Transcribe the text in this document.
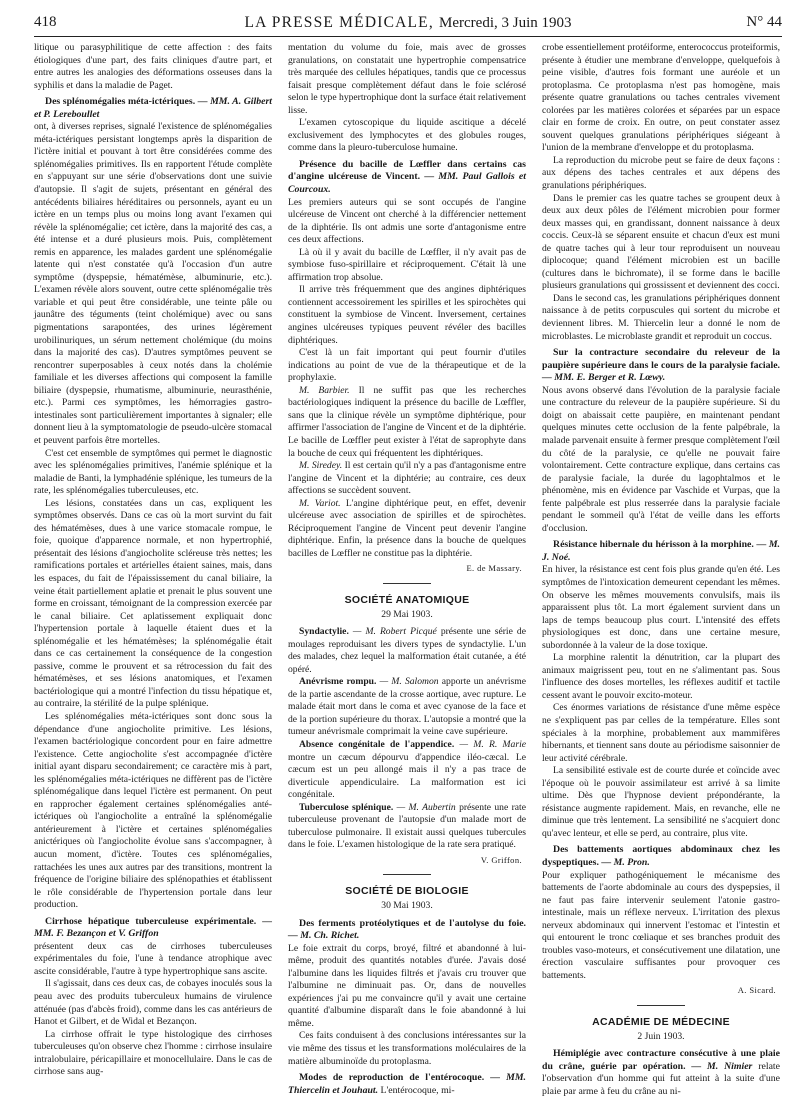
418	LA PRESSE MÉDICALE, Mercredi, 3 Juin 1903	N° 44

litique ou parasyphilitique de cette affection : des faits étiologiques d'une part, des faits cliniques d'autre part, et entre autres les analogies des déformations osseuses dans la syphilis et dans la maladie de Paget.

Des splénomégalies méta-ictériques. — MM. A. Gilbert et P. Lereboullet

ont, à diverses reprises, signalé l'existence de splénomégalies méta-ictériques persistant longtemps après la disparition de l'ictère initial et pouvant à tort être considérées comme des splénomégalies primitives. Ils en rapportent l'étude complète en s'appuyant sur une série d'observations dont une suivie d'autopsie. Il s'agit de sujets, présentant en général des antécédents biliaires héréditaires ou personnels, ayant eu un ictère en un temps plus ou moins long avant l'examen qui révèle la splénomégalie; cet ictère, dans la majorité des cas, a été intense et a duré plusieurs mois. Puis, complètement remis en apparence, les malades gardent une splénomégalie latente qui n'est constatée qu'à l'occasion d'un autre symptôme (dyspepsie, hématémèse, albuminurie, etc.). L'examen révèle alors souvent, outre cette splénomégalie très variable et qui peut être considérable, une teinte pâle ou jaunâtre des téguments (teint cholémique) avec ou sans pigmentations sarapontées, des urines légèrement urobilinuriques, un sérum nettement cholémique (du moins dans la majorité des cas). D'autres symptômes peuvent se rencontrer superposables à ceux notés dans la cholémie familiale et les diverses affections qui composent la famille biliaire (dyspepsie, rhumatisme, albuminurie, neurasthénie, etc.). Parmi ces symptômes, les hémorragies gastro-intestinales sont particulièrement importantes à signaler; elle donnent lieu à la symptomatologie de pseudo-ulcère stomacal et peuvent parfois être mortelles.

C'est cet ensemble de symptômes qui permet le diagnostic avec les splénomégalies primitives, l'anémie splénique et la maladie de Banti, la lymphadénie splénique, les tumeurs de la rate, les splénomégalies tuberculeuses, etc.

Les lésions, constatées dans un cas, expliquent les symptômes observés. Dans ce cas où la mort survint du fait des hématémèses, dues à une varice stomacale rompue, le foie, quoique d'apparence normale, et non hypertrophié, présentait des lésions d'angiocholite scléreuse très nettes; les ramifications portales et artérielles étaient saines, mais, dans les espaces, du fait de l'épaississement du canal biliaire, la veine était partiellement aplatie et prenait le plus souvent une forme en croissant, témoignant de la compression exercée par le canal biliaire. Cet aplatissement expliquait donc l'hypertension portale à laquelle étaient dues et la splénomégalie et les hématémèses; la splénomégalie était dans ce cas certainement la conséquence de la congestion passive, comme le prouvent et sa rétrocession du fait des hématémèses, et ses lésions anatomiques, et l'examen bactériologique qui a montré l'infection du tissu hépatique et, au contraire, la stérilité de la pulpe splénique.

Les splénomégalies méta-ictériques sont donc sous la dépendance d'une angiocholite primitive. Les lésions, l'examen bactériologique concordent pour en faire admettre l'existence. Cette angiocholite s'est accompagnée d'ictère initial ayant disparu secondairement; ce caractère mis à part, les splénomégalies méta-ictériques ne diffèrent pas de l'ictère splénomégalique dans lequel l'ictère est permanent. On peut en rapprocher également certaines splénomégalies anté-ictériques où l'angiocholite a entraîné la splénomégalie antérieurement à l'ictère et certaines splénomégalies anictériques où l'angiocholite évolue sans s'accompagner, à aucun moment, d'ictère. Toutes ces splénomégalies, rattachées les unes aux autres par des transitions, montrent la fréquence de l'origine biliaire des splénopathies et établissent le rôle considérable de l'hypertension portale dans leur production.

Cirrhose hépatique tuberculeuse expérimentale. — MM. F. Bezançon et V. Griffon

présentent deux cas de cirrhoses tuberculeuses expérimentales du foie, l'une à tendance atrophique avec ascite considérable, l'autre à type hypertrophique sans ascite.

Il s'agissait, dans ces deux cas, de cobayes inoculés sous la peau avec des produits tuberculeux humains de virulence atténuée (pas d'abcès froid), comme dans les cas antérieurs de Hanot et Gilbert, et de Widal et Bezançon.

La cirrhose offrait le type histologique des cirrhoses tuberculeuses qu'on observe chez l'homme : cirrhose insulaire intralobulaire, péricapillaire et monocellulaire. Dans le cas de cirrhose sans aug-

mentation du volume du foie, mais avec de grosses granulations, on constatait une hypertrophie compensatrice très marquée des cellules hépatiques, tandis que ce processus faisait presque complètement défaut dans le foie sclérosé selon le type hypertrophique dont la surface était relativement lisse.

L'examen cytoscopique du liquide ascitique a décelé exclusivement des lymphocytes et des globules rouges, comme dans la pleuro-tuberculose humaine.

Présence du bacille de Lœffler dans certains cas d'angine ulcéreuse de Vincent. — MM. Paul Gallois et Courcoux.

Les premiers auteurs qui se sont occupés de l'angine ulcéreuse de Vincent ont cherché à la différencier nettement de la diphtérie. Ils ont admis une sorte d'antagonisme entre ces deux affections.

Là où il y avait du bacille de Lœffler, il n'y avait pas de symbiose fuso-spirillaire et réciproquement. C'était là une affirmation trop absolue.

Il arrive très fréquemment que des angines diphtériques contiennent accessoirement les spirilles et les spirochètes qui constituent la symbiose de Vincent. Inversement, certaines angines ulcéreuses typiques peuvent révéler des bacilles diphtériques.

C'est là un fait important qui peut fournir d'utiles indications au point de vue de la thérapeutique et de la prophylaxie.

M. Barbier. Il ne suffit pas que les recherches bactériologiques indiquent la présence du bacille de Lœffler, sans que la clinique révèle un symptôme diphtérique, pour affirmer l'association de l'angine de Vincent et de la diphtérie. Le bacille de Lœffler peut exister à l'état de saprophyte dans la bouche de ceux qui fréquentent les diphtériques.

M. Siredey. Il est certain qu'il n'y a pas d'antagonisme entre l'angine de Vincent et la diphtérie; au contraire, ces deux affections se succèdent souvent.

M. Variot. L'angine diphtérique peut, en effet, devenir ulcéreuse avec association de spirilles et de spirochètes. Réciproquement l'angine de Vincent peut devenir l'angine diphtérique. Enfin, la présence dans la bouche de quelques bacilles de Lœffler ne constitue pas la diphtérie.

E. de Massary.

SOCIÉTÉ ANATOMIQUE

29 Mai 1903.

Syndactylie. — M. Robert Picqué présente une série de moulages reproduisant les divers types de syndactylie. L'un des malades, chez lequel la malformation était cutanée, a été opéré.

Anévrisme rompu. — M. Salomon apporte un anévrisme de la partie ascendante de la crosse aortique, avec rupture. Le malade était mort dans le coma et avec cyanose de la face et de la portion supérieure du thorax. L'autopsie a montré que la tumeur anévrismale comprimait la veine cave supérieure.

Absence congénitale de l'appendice. — M. R. Marie montre un cæcum dépourvu d'appendice iléo-cæcal. Le cæcum est un peu allongé mais il n'y a pas trace de diverticule appendiculaire. La malformation est ici congénitale.

Tuberculose splénique. — M. Aubertin présente une rate tuberculeuse provenant de l'autopsie d'un malade mort de tuberculose pulmonaire. Il existait aussi quelques tubercules dans le foie. L'examen histologique de la rate sera pratiqué.

V. Griffon.

SOCIÉTÉ DE BIOLOGIE

30 Mai 1903.

Des ferments protéolytiques et de l'autolyse du foie. — M. Ch. Richet.

Le foie extrait du corps, broyé, filtré et abandonné à lui-même, produit des quantités notables d'urée. J'avais dosé l'albumine dans les liquides filtrés et j'avais cru trouver que l'albumine ne diminuait pas. Or, dans de nouvelles expériences j'ai pu me convaincre qu'il y avait une certaine quantité d'albumine disparaît dans le foie abandonné à lui même.

Ces faits conduisent à des conclusions intéressantes sur la vie même des tissus et les transformations moléculaires de la matière albuminoïde du protoplasma.

Modes de reproduction de l'entérocoque. — MM. Thiercelin et Jouhaut. L'entérocoque, mi-

crobe essentiellement protéiforme, enterococcus proteiformis, présente à étudier une membrane d'enveloppe, quelquefois à peine visible, d'autres fois formant une auréole et un protoplasma. Ce protoplasma n'est pas homogène, mais présente quatre granulations ou taches centrales vivement colorées par les matières colorées et séparées par un espace clair en forme de croix. En outre, on peut constater assez souvent quelques granulations périphériques siégeant à l'union de la membrane d'enveloppe et du protoplasma.

La reproduction du microbe peut se faire de deux façons : aux dépens des taches centrales et aux dépens des granulations périphériques.

Dans le premier cas les quatre taches se groupent deux à deux aux deux pôles de l'élément microbien pour former deux masses qui, en grandissant, donnent naissance à deux coccis. Ceux-là se séparent ensuite et chacun d'eux est muni de quatre taches qui à leur tour reproduisent un nouveau diplocoque; quand l'élément microbien est un bacille (cultures dans le bichromate), il se forme dans le bacille plusieurs granulations qui grossissent et deviennent des cocci.

Dans le second cas, les granulations périphériques donnent naissance à de petits corpuscules qui sortent du microbe et deviennent libres. M. Thiercelin leur a donné le nom de microblastes. Le microblaste grandit et reproduit un coccus.

Sur la contracture secondaire du releveur de la paupière supérieure dans le cours de la paralysie faciale. — MM. E. Berger et R. Lœwy.

Nous avons observé dans l'évolution de la paralysie faciale une contracture du releveur de la paupière supérieure. Si du doigt on abaissait cette paupière, en maintenant pendant quelques minutes cette occlusion de la fente palpébrale, la malade parvenait ensuite à fermer presque complètement l'œil du côté de la paralysie, ce qu'elle ne pouvait faire volontairement. Cette contracture explique, dans certains cas de paralysie faciale, la durée du lagophtalmos et le phénomène, mis en évidence par Vaschide et Vurpas, que la fente palpébrale est plus resserrée dans la paralysie faciale pendant le sommeil qu'à l'état de veille dans les efforts d'occlusion.

Résistance hibernale du hérisson à la morphine. — M. J. Noé.

En hiver, la résistance est cent fois plus grande qu'en été. Les symptômes de l'intoxication demeurent cependant les mêmes. On observe les mêmes mouvements convulsifs, mais ils apparaissent plus tôt. La mort également survient dans un laps de temps beaucoup plus court. L'intensité des effets physiologiques est donc, dans une certaine mesure, subordonnée à la valeur de la dose toxique.

La morphine ralentit la dénutrition, car la plupart des animaux maigrissent peu, tout en ne s'alimentant pas. Sous l'influence des doses mortelles, les réflexes auditif et tactile cessent avant le pouvoir excito-moteur.

Ces énormes variations de résistance d'une même espèce ne s'expliquent pas par celles de la température. Elles sont spéciales à la morphine, probablement aux mammifères hibernants, et tiennent sans doute au périodisme saisonnier de leur activité cérébrale.

La sensibilité estivale est de courte durée et coïncide avec l'époque où le pouvoir assimilateur est arrivé à sa limite ultime. Dès que l'hypnose devient prépondérante, la résistance augmente rapidement. Mais, en revanche, elle ne diminue que très lentement. La sensibilité ne s'acquiert donc qu'avec lenteur, et elle se perd, au contraire, plus vite.

Des battements aortiques abdominaux chez les dyspeptiques. — M. Pron.

Pour expliquer pathogéniquement le mécanisme des battements de l'aorte abdominale au cours des dyspepsies, il ne faut pas faire intervenir seulement l'atonie gastro-intestinale, mais un réflexe nerveux. L'irritation des plexus nerveux abdominaux qui innervent l'estomac et l'intestin et qui entourent le tronc cœliaque et ses branches produit des troubles vaso-moteurs, et consécutivement une dilatation, une érection vasculaire suffisantes pour provoquer ces battements.

A. Sicard.

ACADÉMIE DE MÉDECINE

2 Juin 1903.

Hémiplégie avec contracture consécutive à une plaie du crâne, guérie par opération. — M. Nimier relate l'observation d'un homme qui fut atteint à la suite d'une plaie par arme à feu du crâne au ni-
